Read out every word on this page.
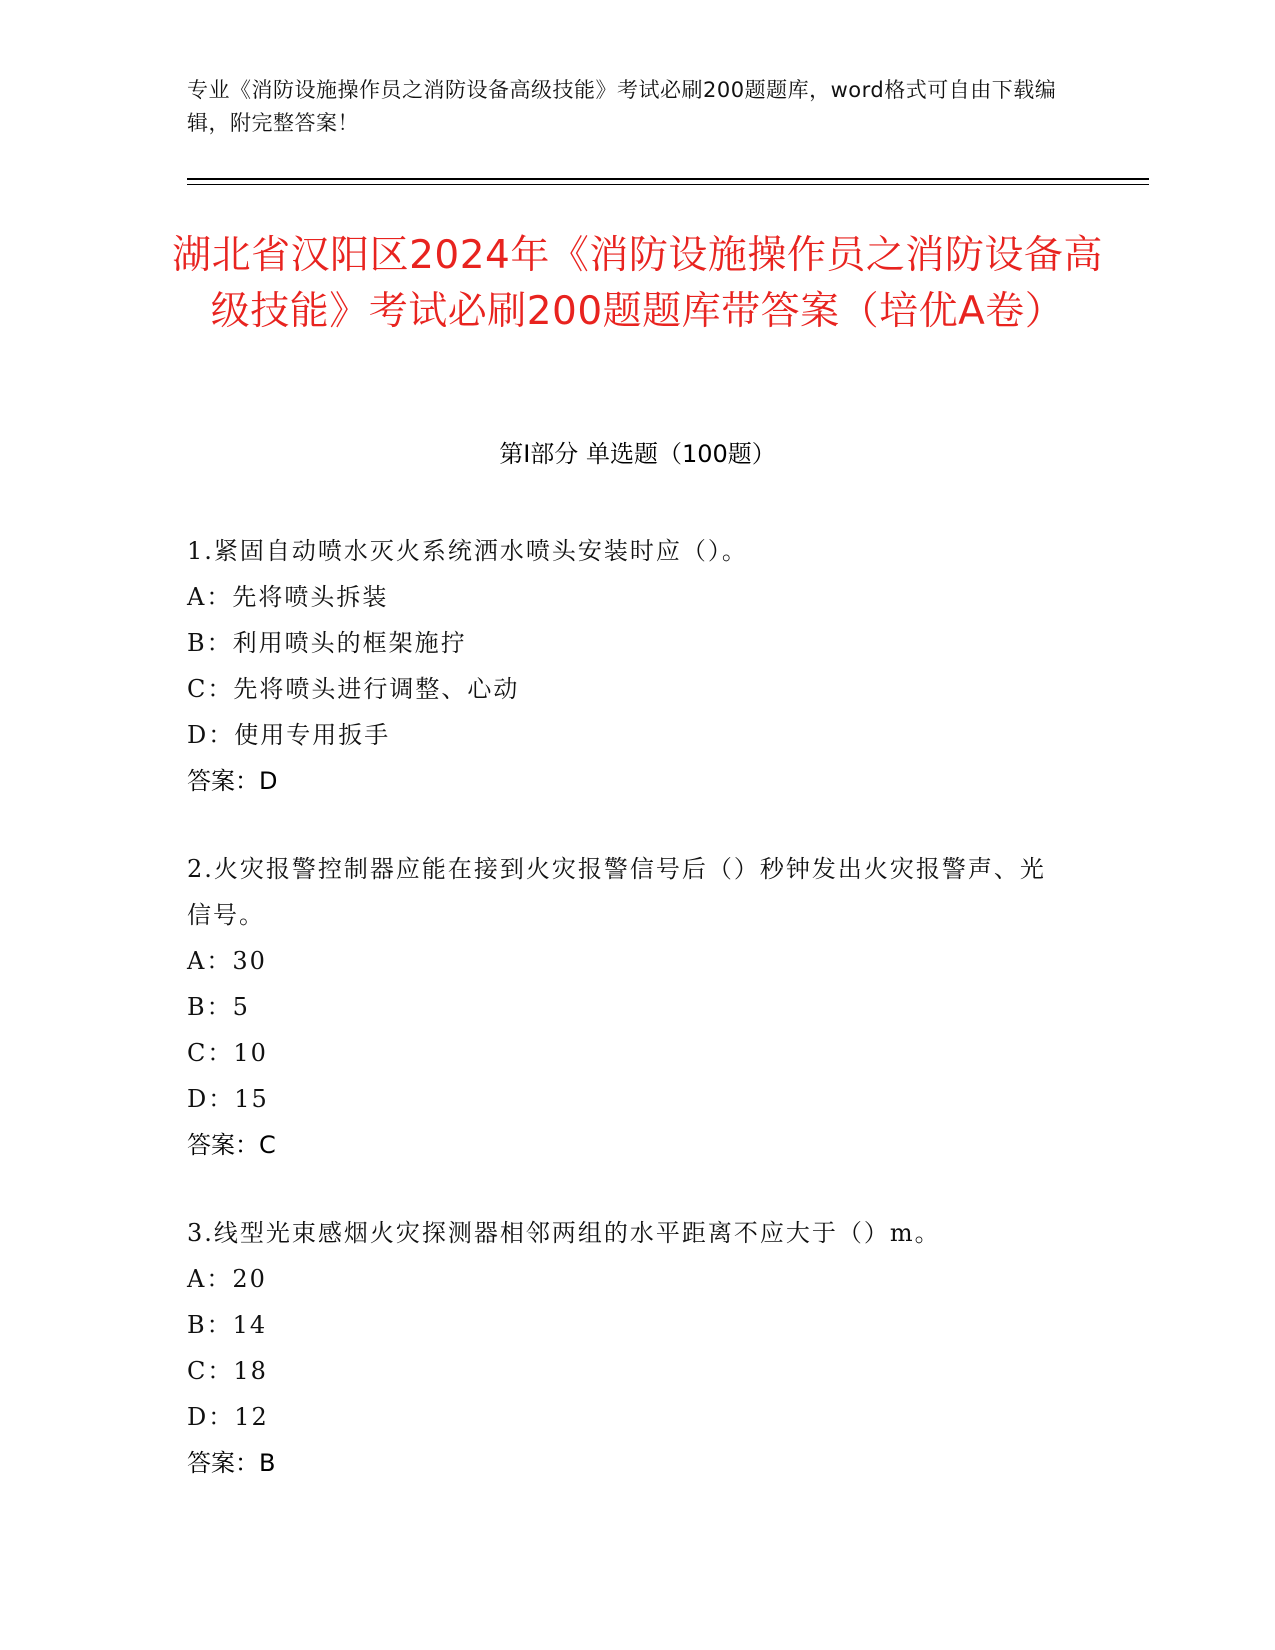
专业《消防设施操作员之消防设备高级技能》考试必刷200题题库，word格式可自由下载编辑，附完整答案！
湖北省汉阳区2024年《消防设施操作员之消防设备高级技能》考试必刷200题题库带答案（培优A卷）
第Ⅰ部分 单选题（100题）
1.紧固自动喷水灭火系统洒水喷头安装时应（）。
A：先将喷头拆装
B：利用喷头的框架施拧
C：先将喷头进行调整、心动
D：使用专用扳手
答案：D
2.火灾报警控制器应能在接到火灾报警信号后（）秒钟发出火灾报警声、光信号。
A：30
B：5
C：10
D：15
答案：C
3.线型光束感烟火灾探测器相邻两组的水平距离不应大于（）m。
A：20
B：14
C：18
D：12
答案：B
